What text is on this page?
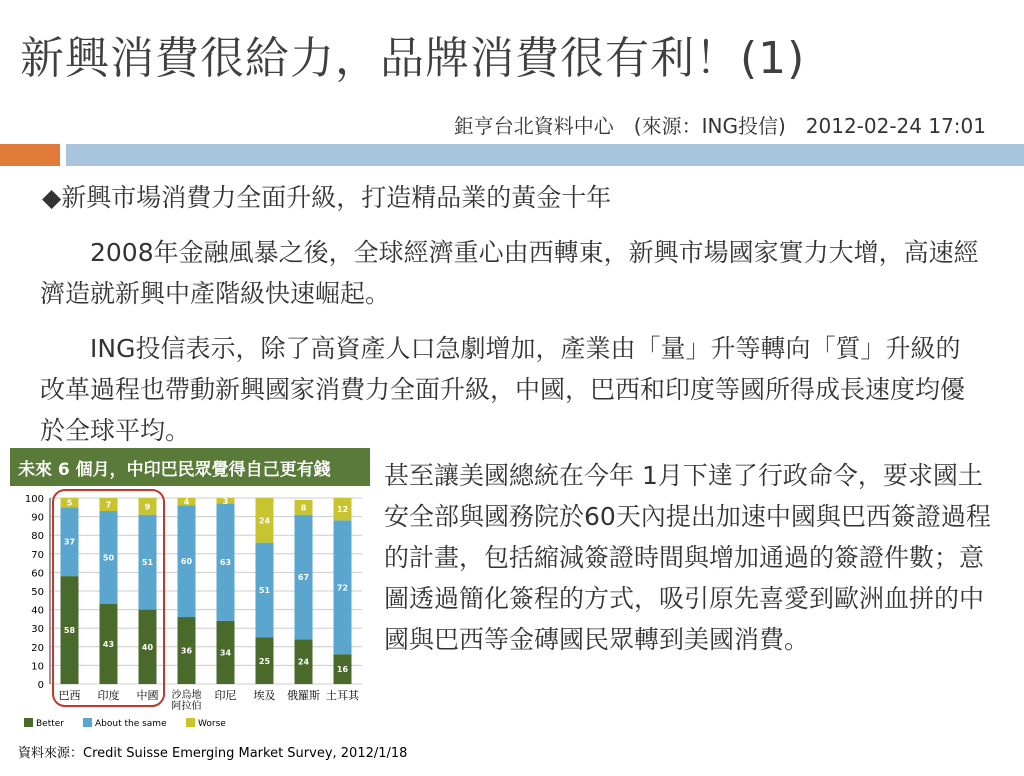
新興消費很給力，品牌消費很有利！(1)
鉅亨台北資料中心　(來源：ING投信)　2012-02-24 17:01
◆新興市場消費力全面升級，打造精品業的黃金十年
　　2008年金融風暴之後，全球經濟重心由西轉東，新興市場國家實力大增，高速經濟造就新興中產階級快速崛起。
　　ING投信表示，除了高資產人口急劇增加，產業由「量」升等轉向「質」升級的改革過程也帶動新興國家消費力全面升級，中國，巴西和印度等國所得成長速度均優於全球平均。
未來 6 個月，中印巴民眾覺得自己更有錢
0
10
20
30
40
50
60
70
80
90
100
58
37
5
巴西
43
50
7
印度
40
51
9
中國
36
60
4
沙烏地
阿拉伯
34
63
3
印尼
25
51
24
埃及
24
67
8
俄羅斯
16
72
12
土耳其
Better	About the same	Worse
甚至讓美國總統在今年 1月下達了行政命令，要求國土安全部與國務院於60天內提出加速中國與巴西簽證過程的計畫，包括縮減簽證時間與增加通過的簽證件數；意圖透過簡化簽程的方式，吸引原先喜愛到歐洲血拼的中國與巴西等金磚國民眾轉到美國消費。
資料來源：Credit Suisse Emerging Market Survey, 2012/1/18
